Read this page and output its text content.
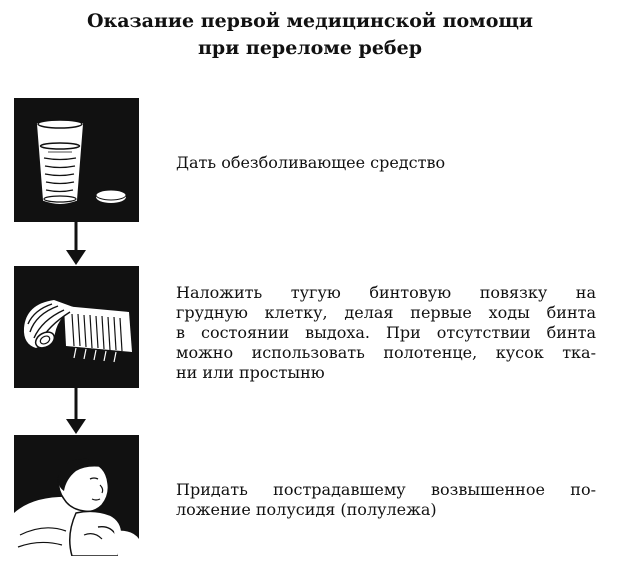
Оказание первой медицинской помощи
при переломе ребер
Дать обезболивающее средство
Наложить тугую бинтовую повязку на
грудную клетку, делая первые ходы бинта
в состоянии выдоха. При отсутствии бинта
можно использовать полотенце, кусок тка-
ни или простыню
Придать пострадавшему возвышенное по-
ложение полусидя (полулежа)
